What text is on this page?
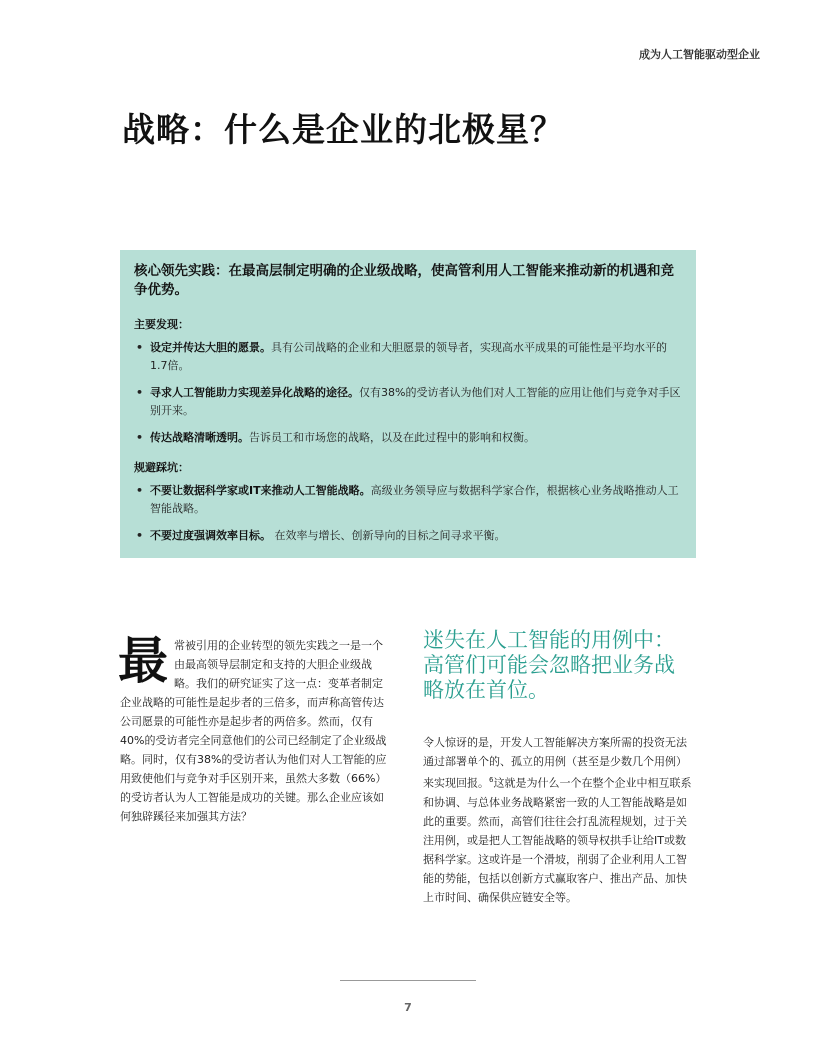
成为人工智能驱动型企业
战略：什么是企业的北极星？

核心领先实践：在最高层制定明确的企业级战略，使高管利用人工智能来推动新的机遇和竞争优势。

主要发现：
• 设定并传达大胆的愿景。具有公司战略的企业和大胆愿景的领导者，实现高水平成果的可能性是平均水平的1.7倍。
• 寻求人工智能助力实现差异化战略的途径。仅有38%的受访者认为他们对人工智能的应用让他们与竞争对手区别开来。
• 传达战略清晰透明。告诉员工和市场您的战略，以及在此过程中的影响和权衡。
规避踩坑：
• 不要让数据科学家或IT来推动人工智能战略。高级业务领导应与数据科学家合作，根据核心业务战略推动人工智能战略。
• 不要过度强调效率目标。 在效率与增长、创新导向的目标之间寻求平衡。
最常被引用的企业转型的领先实践之一是一个由最高领导层制定和支持的大胆企业级战略。我们的研究证实了这一点：变革者制定企业战略的可能性是起步者的三倍多，而声称高管传达公司愿景的可能性亦是起步者的两倍多。然而，仅有40%的受访者完全同意他们的公司已经制定了企业级战略。同时，仅有38%的受访者认为他们对人工智能的应用致使他们与竞争对手区别开来，虽然大多数（66%）的受访者认为人工智能是成功的关键。那么企业应该如何独辟蹊径来加强其方法？
迷失在人工智能的用例中：高管们可能会忽略把业务战略放在首位。

令人惊讶的是，开发人工智能解决方案所需的投资无法通过部署单个的、孤立的用例（甚至是少数几个用例）来实现回报。$^6$这就是为什么一个在整个企业中相互联系和协调、与总体业务战略紧密一致的人工智能战略是如此的重要。然而，高管们往往会打乱流程规划，过于关注用例，或是把人工智能战略的领导权拱手让给IT或数据科学家。这或许是一个滑坡，削弱了企业利用人工智能的势能，包括以创新方式赢取客户、推出产品、加快上市时间、确保供应链安全等。

7
